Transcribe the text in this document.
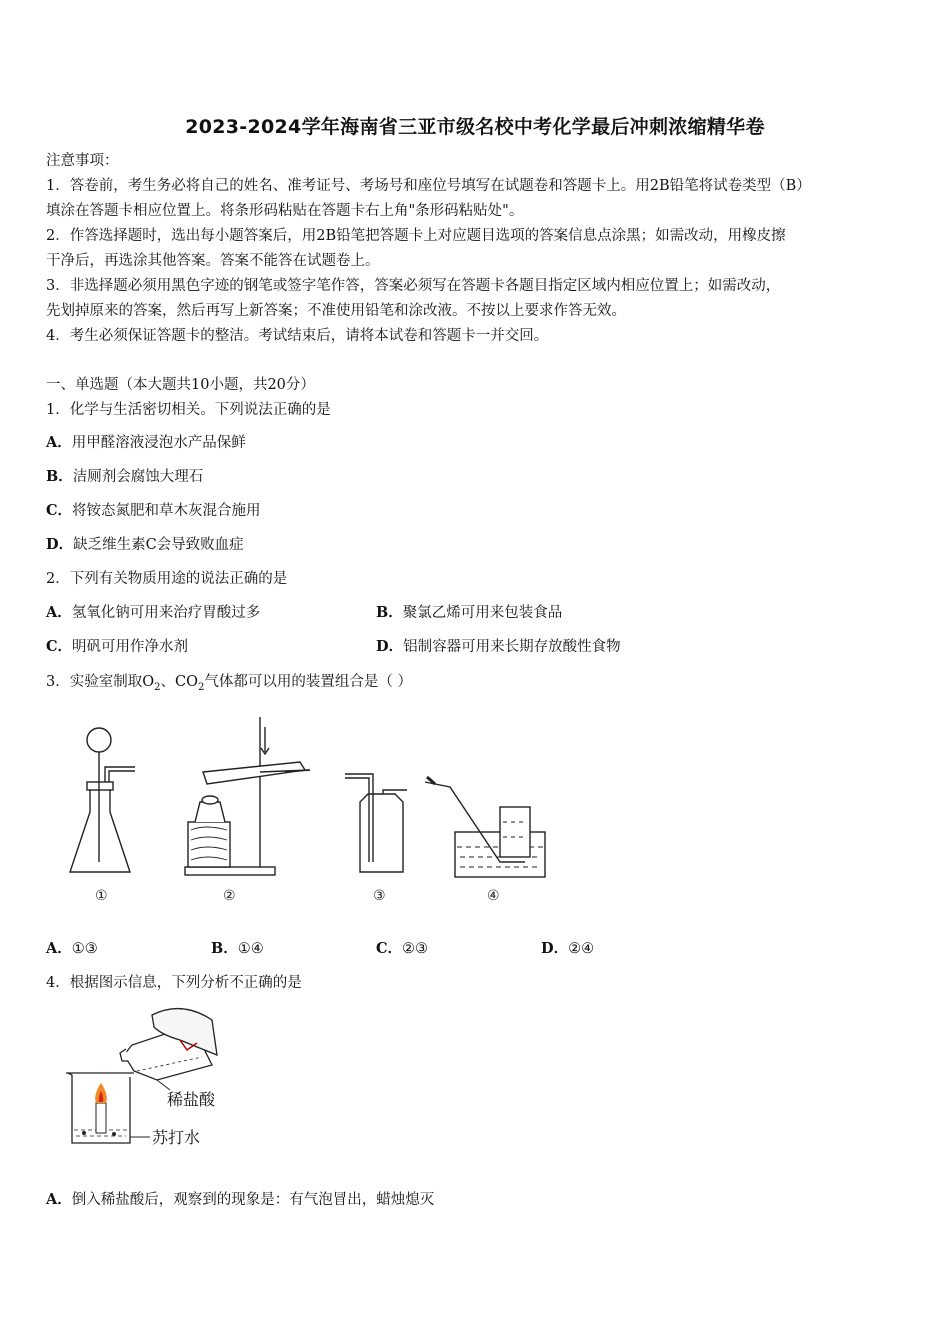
2023-2024学年海南省三亚市级名校中考化学最后冲刺浓缩精华卷
注意事项：
1．答卷前，考生务必将自己的姓名、准考证号、考场号和座位号填写在试题卷和答题卡上。用2B铅笔将试卷类型（B）
填涂在答题卡相应位置上。将条形码粘贴在答题卡右上角"条形码粘贴处"。
2．作答选择题时，选出每小题答案后，用2B铅笔把答题卡上对应题目选项的答案信息点涂黑；如需改动，用橡皮擦
干净后，再选涂其他答案。答案不能答在试题卷上。
3．非选择题必须用黑色字迹的钢笔或签字笔作答，答案必须写在答题卡各题目指定区域内相应位置上；如需改动，
先划掉原来的答案，然后再写上新答案；不准使用铅笔和涂改液。不按以上要求作答无效。
4．考生必须保证答题卡的整洁。考试结束后，请将本试卷和答题卡一并交回。
一、单选题（本大题共10小题，共20分）
1．化学与生活密切相关。下列说法正确的是
A．用甲醛溶液浸泡水产品保鲜
B．洁厕剂会腐蚀大理石
C．将铵态氮肥和草木灰混合施用
D．缺乏维生素C会导致败血症
2．下列有关物质用途的说法正确的是
A．氢氧化钠可用来治疗胃酸过多	B．聚氯乙烯可用来包装食品
C．明矾可用作净水剂	D．铝制容器可用来长期存放酸性食物
3．实验室制取$O_2$、$CO_2$气体都可以用的装置组合是（ ）
①	②	③	④
A．①③	B．①④	C．②③	D．②④
4．根据图示信息，下列分析不正确的是
稀盐酸
苏打水
A．倒入稀盐酸后，观察到的现象是：有气泡冒出，蜡烛熄灭
